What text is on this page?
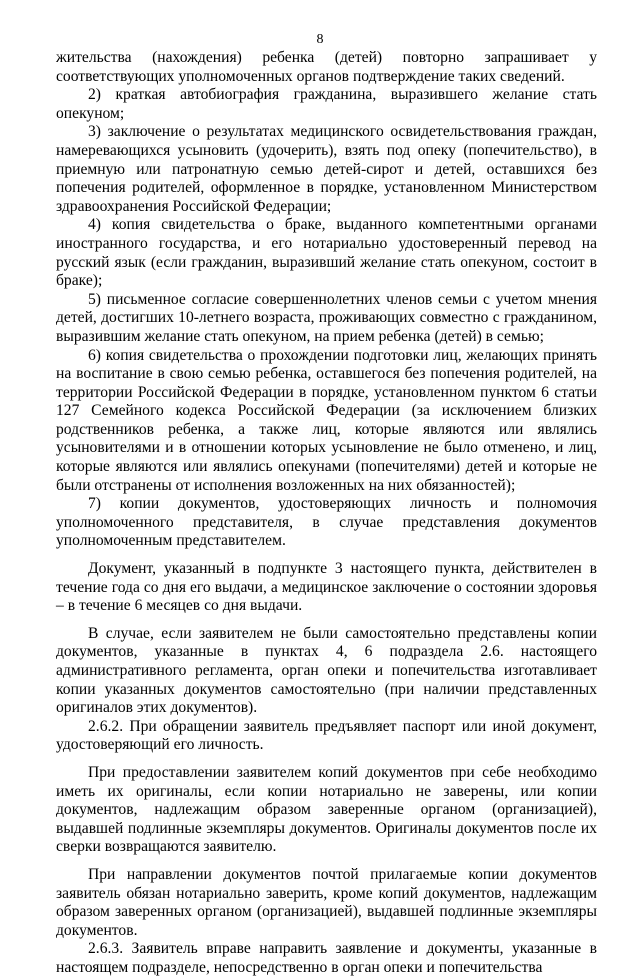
8

жительства (нахождения) ребенка (детей) повторно запрашивает у соответствующих уполномоченных органов подтверждение таких сведений.

2) краткая автобиография гражданина, выразившего желание стать опекуном;

3) заключение о результатах медицинского освидетельствования граждан, намеревающихся усыновить (удочерить), взять под опеку (попечительство), в приемную или патронатную семью детей-сирот и детей, оставшихся без попечения родителей, оформленное в порядке, установленном Министерством здравоохранения Российской Федерации;

4) копия свидетельства о браке, выданного компетентными органами иностранного государства, и его нотариально удостоверенный перевод на русский язык (если гражданин, выразивший желание стать опекуном, состоит в браке);

5) письменное согласие совершеннолетних членов семьи с учетом мнения детей, достигших 10-летнего возраста, проживающих совместно с гражданином, выразившим желание стать опекуном, на прием ребенка (детей) в семью;

6) копия свидетельства о прохождении подготовки лиц, желающих принять на воспитание в свою семью ребенка, оставшегося без попечения родителей, на территории Российской Федерации в порядке, установленном пунктом 6 статьи 127 Семейного кодекса Российской Федерации (за исключением близких родственников ребенка, а также лиц, которые являются или являлись усыновителями и в отношении которых усыновление не было отменено, и лиц, которые являются или являлись опекунами (попечителями) детей и которые не были отстранены от исполнения возложенных на них обязанностей);

7) копии документов, удостоверяющих личность и полномочия уполномоченного представителя, в случае представления документов уполномоченным представителем.

Документ, указанный в подпункте 3 настоящего пункта, действителен в течение года со дня его выдачи, а медицинское заключение о состоянии здоровья – в течение 6 месяцев со дня выдачи.

В случае, если заявителем не были самостоятельно представлены копии документов, указанные в пунктах 4, 6 подраздела 2.6. настоящего административного регламента, орган опеки и попечительства изготавливает копии указанных документов самостоятельно (при наличии представленных оригиналов этих документов).

2.6.2. При обращении заявитель предъявляет паспорт или иной документ, удостоверяющий его личность.

При предоставлении заявителем копий документов при себе необходимо иметь их оригиналы, если копии нотариально не заверены, или копии документов, надлежащим образом заверенные органом (организацией), выдавшей подлинные экземпляры документов. Оригиналы документов после их сверки возвращаются заявителю.

При направлении документов почтой прилагаемые копии документов заявитель обязан нотариально заверить, кроме копий документов, надлежащим образом заверенных органом (организацией), выдавшей подлинные экземпляры документов.

2.6.3. Заявитель вправе направить заявление и документы, указанные в настоящем подразделе, непосредственно в орган опеки и попечительства
